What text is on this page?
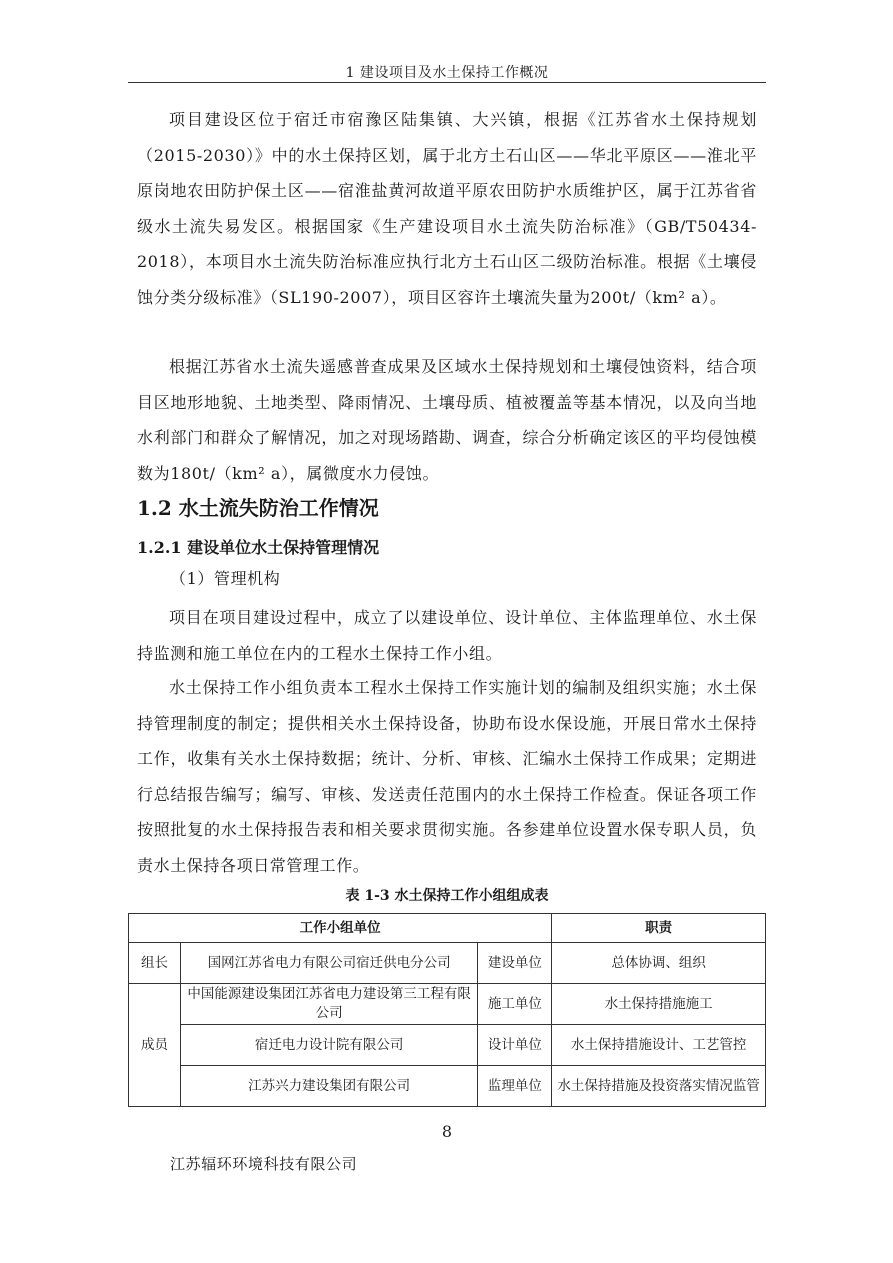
1 建设项目及水土保持工作概况

项目建设区位于宿迁市宿豫区陆集镇、大兴镇，根据《江苏省水土保持规划（2015-2030）》中的水土保持区划，属于北方土石山区——华北平原区——淮北平原岗地农田防护保土区——宿淮盐黄河故道平原农田防护水质维护区，属于江苏省省级水土流失易发区。根据国家《生产建设项目水土流失防治标准》（GB/T50434-2018），本项目水土流失防治标准应执行北方土石山区二级防治标准。根据《土壤侵蚀分类分级标准》（SL190-2007），项目区容许土壤流失量为200t/（km² a）。

根据江苏省水土流失遥感普查成果及区域水土保持规划和土壤侵蚀资料，结合项目区地形地貌、土地类型、降雨情况、土壤母质、植被覆盖等基本情况，以及向当地水利部门和群众了解情况，加之对现场踏勘、调查，综合分析确定该区的平均侵蚀模数为180t/（km² a），属微度水力侵蚀。

1.2 水土流失防治工作情况
1.2.1 建设单位水土保持管理情况
（1）管理机构

项目在项目建设过程中，成立了以建设单位、设计单位、主体监理单位、水土保持监测和施工单位在内的工程水土保持工作小组。

水土保持工作小组负责本工程水土保持工作实施计划的编制及组织实施；水土保持管理制度的制定；提供相关水土保持设备，协助布设水保设施，开展日常水土保持工作，收集有关水土保持数据；统计、分析、审核、汇编水土保持工作成果；定期进行总结报告编写；编写、审核、发送责任范围内的水土保持工作检查。保证各项工作按照批复的水土保持报告表和相关要求贯彻实施。各参建单位设置水保专职人员，负责水土保持各项日常管理工作。

表 1-3 水土保持工作小组组成表
工作小组单位			职责
组长	国网江苏省电力有限公司宿迁供电分公司	建设单位	总体协调、组织
成员	中国能源建设集团江苏省电力建设第三工程有限公司	施工单位	水土保持措施施工
	宿迁电力设计院有限公司	设计单位	水土保持措施设计、工艺管控
	江苏兴力建设集团有限公司	监理单位	水土保持措施及投资落实情况监管
8
江苏辐环环境科技有限公司
